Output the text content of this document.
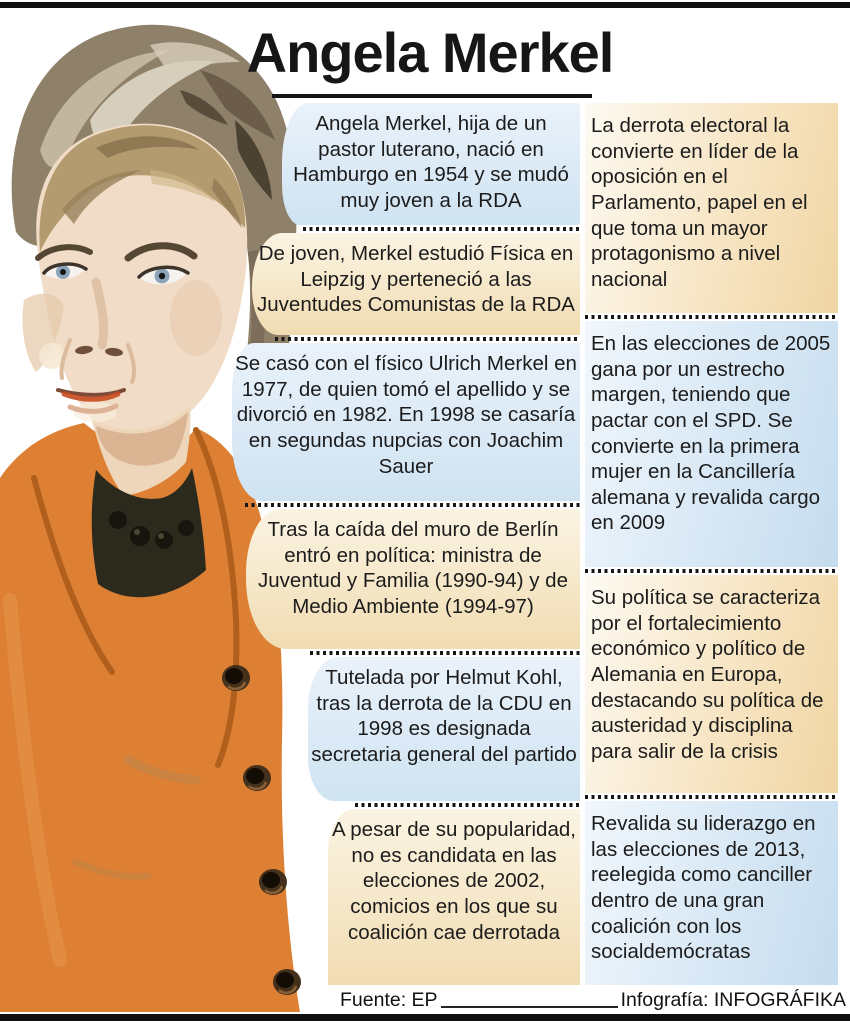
Angela Merkel
Angela Merkel, hija de un pastor luterano, nació en Hamburgo en 1954 y se mudó muy joven a la RDA
De joven, Merkel estudió Física en Leipzig y perteneció a las Juventudes Comunistas de la RDA
Se casó con el físico Ulrich Merkel en 1977, de quien tomó el apellido y se divorció en 1982. En 1998 se casaría en segundas nupcias con Joachim Sauer
Tras la caída del muro de Berlín entró en política: ministra de Juventud y Familia (1990-94) y de Medio Ambiente (1994-97)
Tutelada por Helmut Kohl, tras la derrota de la CDU en 1998 es designada secretaria general del partido
A pesar de su popularidad, no es candidata en las elecciones de 2002, comicios en los que su coalición cae derrotada
La derrota electoral la convierte en líder de la oposición en el Parlamento, papel en el que toma un mayor protagonismo a nivel nacional
En las elecciones de 2005 gana por un estrecho margen, teniendo que pactar con el SPD. Se convierte en la primera mujer en la Cancillería alemana y revalida cargo en 2009
Su política se caracteriza por el fortalecimiento económico y político de Alemania en Europa, destacando su política de austeridad y disciplina para salir de la crisis
Revalida su liderazgo en las elecciones de 2013, reelegida como canciller dentro de una gran coalición con los socialdemócratas
Fuente: EP	Infografía: INFOGRÁFIKA
